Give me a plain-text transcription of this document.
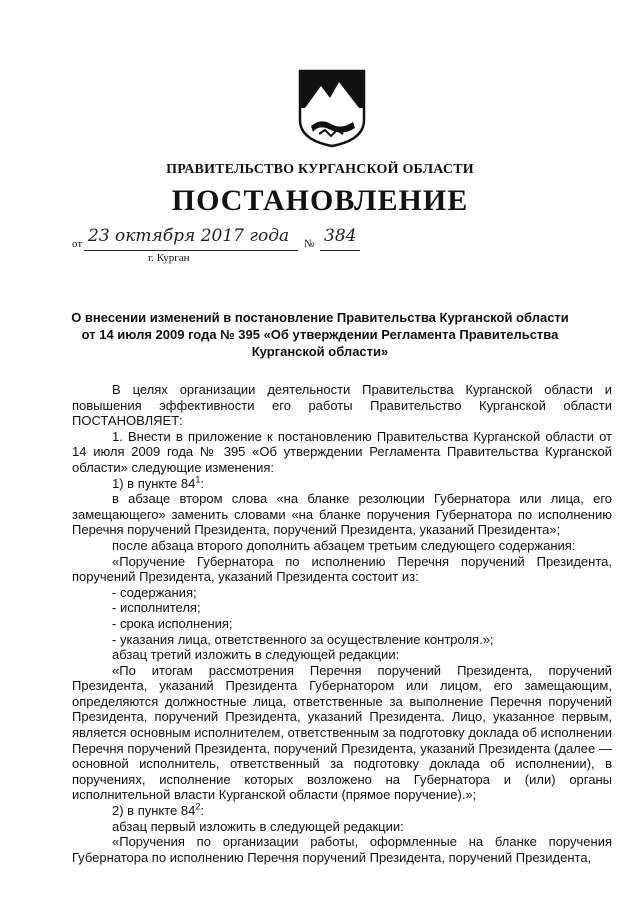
ПРАВИТЕЛЬСТВО КУРГАНСКОЙ ОБЛАСТИ
ПОСТАНОВЛЕНИЕ
от 23 октября 2017 года № 384
г. Курган
О внесении изменений в постановление Правительства Курганской области
от 14 июля 2009 года № 395 «Об утверждении Регламента Правительства
Курганской области»

В целях организации деятельности Правительства Курганской области и повышения эффективности его работы Правительство Курганской области ПОСТАНОВЛЯЕТ:

1. Внести в приложение к постановлению Правительства Курганской области от 14 июля 2009 года № 395 «Об утверждении Регламента Правительства Курганской области» следующие изменения:

1) в пункте $84^1$:

в абзаце втором слова «на бланке резолюции Губернатора или лица, его замещающего» заменить словами «на бланке поручения Губернатора по исполнению Перечня поручений Президента, поручений Президента, указаний Президента»;

после абзаца второго дополнить абзацем третьим следующего содержания:

«Поручение Губернатора по исполнению Перечня поручений Президента, поручений Президента, указаний Президента состоит из:

- содержания;

- исполнителя;

- срока исполнения;

- указания лица, ответственного за осуществление контроля.»;

абзац третий изложить в следующей редакции:

«По итогам рассмотрения Перечня поручений Президента, поручений Президента, указаний Президента Губернатором или лицом, его замещающим, определяются должностные лица, ответственные за выполнение Перечня поручений Президента, поручений Президента, указаний Президента. Лицо, указанное первым, является основным исполнителем, ответственным за подготовку доклада об исполнении Перечня поручений Президента, поручений Президента, указаний Президента (далее — основной исполнитель, ответственный за подготовку доклада об исполнении), в поручениях, исполнение которых возложено на Губернатора и (или) органы исполнительной власти Курганской области (прямое поручение).»;

2) в пункте $84^2$:

абзац первый изложить в следующей редакции:

«Поручения по организации работы, оформленные на бланке поручения Губернатора по исполнению Перечня поручений Президента, поручений Президента,
